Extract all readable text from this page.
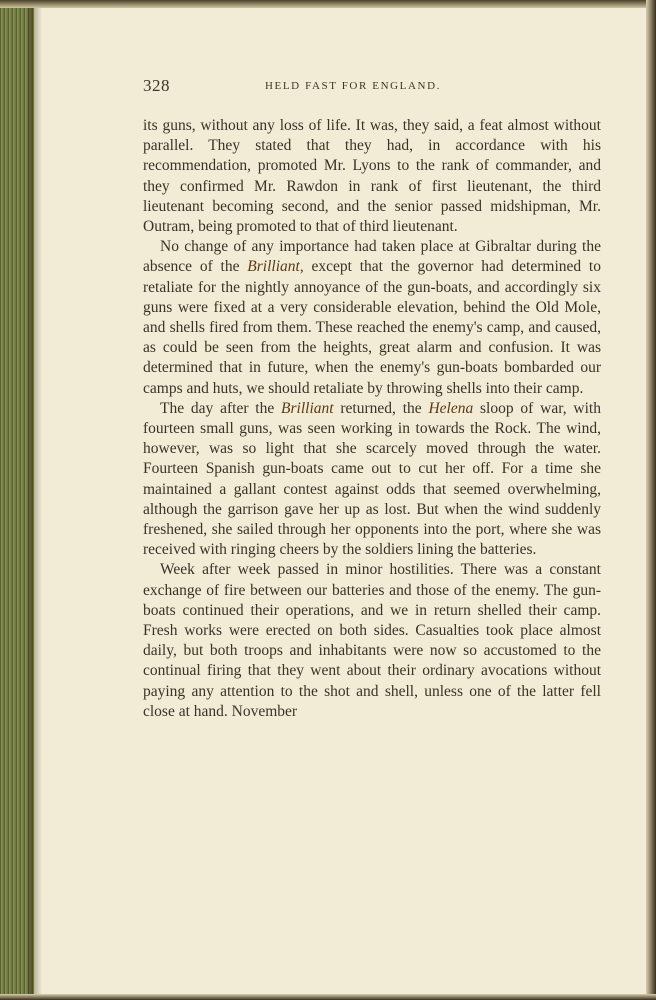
328	HELD FAST FOR ENGLAND.

its guns, without any loss of life. It was, they said, a feat almost without parallel. They stated that they had, in accordance with his recommendation, promoted Mr. Lyons to the rank of commander, and they confirmed Mr. Rawdon in rank of first lieutenant, the third lieutenant becoming second, and the senior passed midshipman, Mr. Outram, being promoted to that of third lieutenant.

No change of any importance had taken place at Gibraltar during the absence of the Brilliant, except that the governor had determined to retaliate for the nightly annoyance of the gun-boats, and accordingly six guns were fixed at a very considerable elevation, behind the Old Mole, and shells fired from them. These reached the enemy's camp, and caused, as could be seen from the heights, great alarm and confusion. It was determined that in future, when the enemy's gun-boats bombarded our camps and huts, we should retaliate by throwing shells into their camp.

The day after the Brilliant returned, the Helena sloop of war, with fourteen small guns, was seen working in towards the Rock. The wind, however, was so light that she scarcely moved through the water. Fourteen Spanish gun-boats came out to cut her off. For a time she maintained a gallant contest against odds that seemed overwhelming, although the garrison gave her up as lost. But when the wind suddenly freshened, she sailed through her opponents into the port, where she was received with ringing cheers by the soldiers lining the batteries.

Week after week passed in minor hostilities. There was a constant exchange of fire between our batteries and those of the enemy. The gun-boats continued their operations, and we in return shelled their camp. Fresh works were erected on both sides. Casualties took place almost daily, but both troops and inhabitants were now so accustomed to the continual firing that they went about their ordinary avocations without paying any attention to the shot and shell, unless one of the latter fell close at hand. November
